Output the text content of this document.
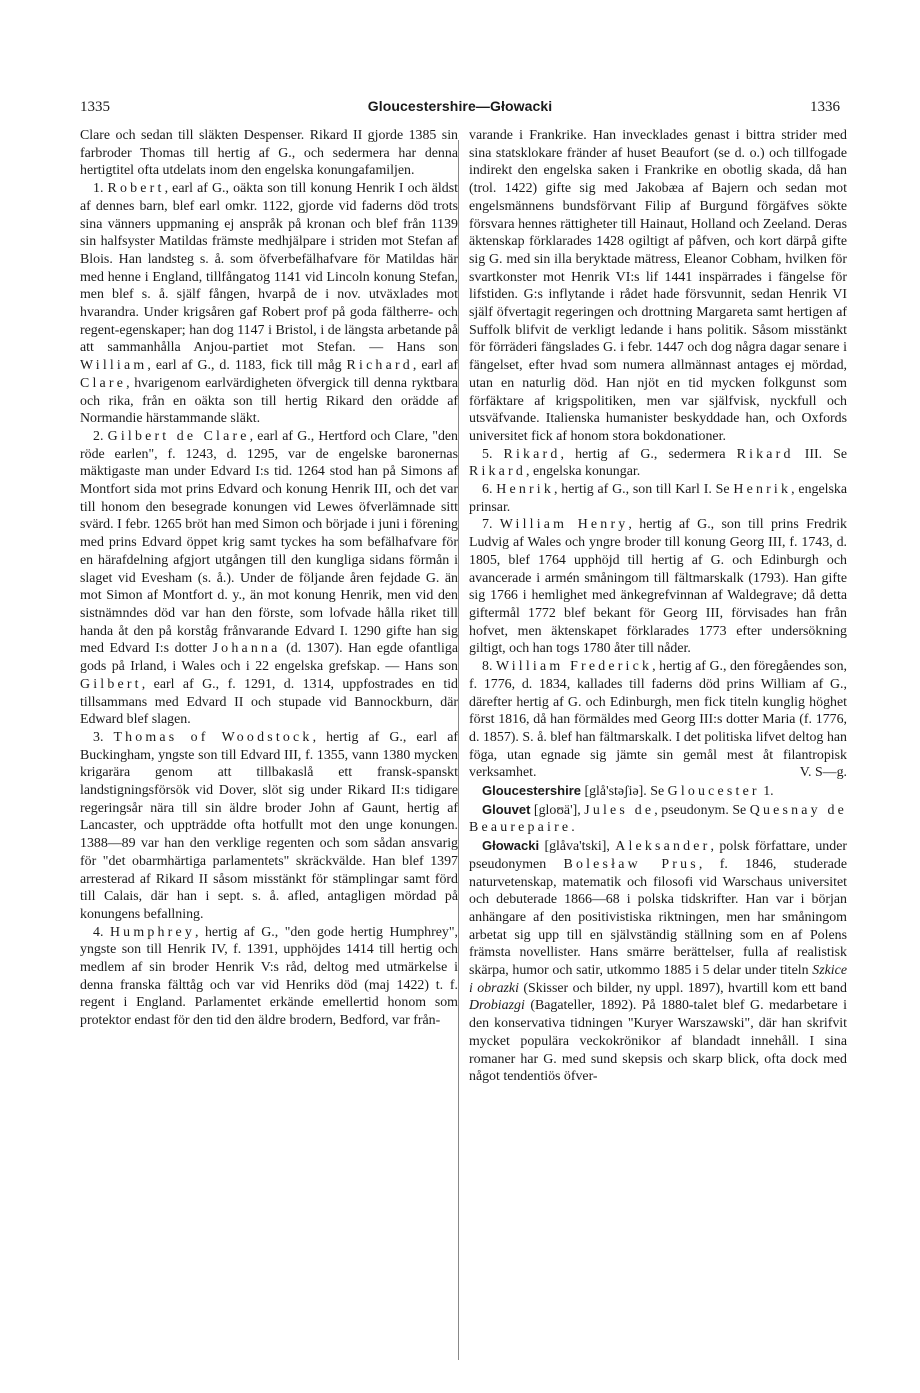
1335	Gloucestershire—Głowacki	1336

Clare och sedan till släkten Despenser. Rikard II gjorde 1385 sin farbroder Thomas till hertig af G., och sedermera har denna hertigtitel ofta utdelats inom den engelska konungafamiljen.

1. Robert, earl af G., oäkta son till konung Henrik I och äldst af dennes barn, blef earl omkr. 1122, gjorde vid faderns död trots sina vänners uppmaning ej anspråk på kronan och blef från 1139 sin halfsyster Matildas främste medhjälpare i striden mot Stefan af Blois. Han landsteg s. å. som öfverbefälhafvare för Matildas här med henne i England, tillfångatog 1141 vid Lincoln konung Stefan, men blef s. å. själf fången, hvarpå de i nov. utväxlades mot hvarandra. Under krigsåren gaf Robert prof på goda fältherre- och regent-egenskaper; han dog 1147 i Bristol, i de längsta arbetande på att sammanhålla Anjou-partiet mot Stefan. — Hans son William, earl af G., d. 1183, fick till måg Richard, earl af Clare, hvarigenom earlvärdigheten öfvergick till denna ryktbara och rika, från en oäkta son till hertig Rikard den orädde af Normandie härstammande släkt.

2. Gilbert de Clare, earl af G., Hertford och Clare, "den röde earlen", f. 1243, d. 1295, var de engelske baronernas mäktigaste man under Edvard I:s tid. 1264 stod han på Simons af Montfort sida mot prins Edvard och konung Henrik III, och det var till honom den besegrade konungen vid Lewes öfverlämnade sitt svärd. I febr. 1265 bröt han med Simon och började i juni i förening med prins Edvard öppet krig samt tyckes ha som befälhafvare för en härafdelning afgjort utgången till den kungliga sidans förmån i slaget vid Evesham (s. å.). Under de följande åren fejdade G. än mot Simon af Montfort d. y., än mot konung Henrik, men vid den sistnämndes död var han den förste, som lofvade hålla riket till handa åt den på korståg frånvarande Edvard I. 1290 gifte han sig med Edvard I:s dotter Johanna (d. 1307). Han egde ofantliga gods på Irland, i Wales och i 22 engelska grefskap. — Hans son Gilbert, earl af G., f. 1291, d. 1314, uppfostrades en tid tillsammans med Edvard II och stupade vid Bannockburn, där Edward blef slagen.

3. Thomas of Woodstock, hertig af G., earl af Buckingham, yngste son till Edvard III, f. 1355, vann 1380 mycken krigarära genom att tillbakaslå ett fransk-spanskt landstigningsförsök vid Dover, slöt sig under Rikard II:s tidigare regeringsår nära till sin äldre broder John af Gaunt, hertig af Lancaster, och uppträdde ofta hotfullt mot den unge konungen. 1388—89 var han den verklige regenten och som sådan ansvarig för "det obarmhärtiga parlamentets" skräckvälde. Han blef 1397 arresterad af Rikard II såsom misstänkt för stämplingar samt förd till Calais, där han i sept. s. å. afled, antagligen mördad på konungens befallning.

4. Humphrey, hertig af G., "den gode hertig Humphrey", yngste son till Henrik IV, f. 1391, upphöjdes 1414 till hertig och medlem af sin broder Henrik V:s råd, deltog med utmärkelse i denna franska fälttåg och var vid Henriks död (maj 1422) t. f. regent i England. Parlamentet erkände emellertid honom som protektor endast för den tid den äldre brodern, Bedford, var från-

varande i Frankrike. Han invecklades genast i bittra strider med sina statsklokare fränder af huset Beaufort (se d. o.) och tillfogade indirekt den engelska saken i Frankrike en obotlig skada, då han (trol. 1422) gifte sig med Jakobæa af Bajern och sedan mot engelsmännens bundsförvant Filip af Burgund förgäfves sökte försvara hennes rättigheter till Hainaut, Holland och Zeeland. Deras äktenskap förklarades 1428 ogiltigt af påfven, och kort därpå gifte sig G. med sin illa beryktade mätress, Eleanor Cobham, hvilken för svartkonster mot Henrik VI:s lif 1441 inspärrades i fängelse för lifstiden. G:s inflytande i rådet hade försvunnit, sedan Henrik VI själf öfvertagit regeringen och drottning Margareta samt hertigen af Suffolk blifvit de verkligt ledande i hans politik. Såsom misstänkt för förräderi fängslades G. i febr. 1447 och dog några dagar senare i fängelset, efter hvad som numera allmännast antages ej mördad, utan en naturlig död. Han njöt en tid mycken folkgunst som förfäktare af krigspolitiken, men var själfvisk, nyckfull och utsväfvande. Italienska humanister beskyddade han, och Oxfords universitet fick af honom stora bokdonationer.

5. Rikard, hertig af G., sedermera Rikard III. Se Rikard, engelska konungar.

6. Henrik, hertig af G., son till Karl I. Se Henrik, engelska prinsar.

7. William Henry, hertig af G., son till prins Fredrik Ludvig af Wales och yngre broder till konung Georg III, f. 1743, d. 1805, blef 1764 upphöjd till hertig af G. och Edinburgh och avancerade i armén småningom till fältmarskalk (1793). Han gifte sig 1766 i hemlighet med änkegrefvinnan af Waldegrave; då detta giftermål 1772 blef bekant för Georg III, förvisades han från hofvet, men äktenskapet förklarades 1773 efter undersökning giltigt, och han togs 1780 åter till nåder.

8. William Frederick, hertig af G., den föregåendes son, f. 1776, d. 1834, kallades till faderns död prins William af G., därefter hertig af G. och Edinburgh, men fick titeln kunglig höghet först 1816, då han förmäldes med Georg III:s dotter Maria (f. 1776, d. 1857). S. å. blef han fältmarskalk. I det politiska lifvet deltog han föga, utan egnade sig jämte sin gemål mest åt filantropisk verksamhet.	V. S—g.

Gloucestershire [glå'stəʃiə]. Se Gloucester 1.

Glouvet [gloʊä'], Jules de, pseudonym. Se Quesnay de Beaurepaire.

Głowacki [glåva'tski], Aleksander, polsk författare, under pseudonymen Bolesław Prus, f. 1846, studerade naturvetenskap, matematik och filosofi vid Warschaus universitet och debuterade 1866—68 i polska tidskrifter. Han var i början anhängare af den positivistiska riktningen, men har småningom arbetat sig upp till en självständig ställning som en af Polens främsta novellister. Hans smärre berättelser, fulla af realistisk skärpa, humor och satir, utkommo 1885 i 5 delar under titeln Szkice i obrazki (Skisser och bilder, ny uppl. 1897), hvartill kom ett band Drobiazgi (Bagateller, 1892). På 1880-talet blef G. medarbetare i den konservativa tidningen "Kuryer Warszawski", där han skrifvit mycket populära veckokrönikor af blandadt innehåll. I sina romaner har G. med sund skepsis och skarp blick, ofta dock med något tendentiös öfver-
